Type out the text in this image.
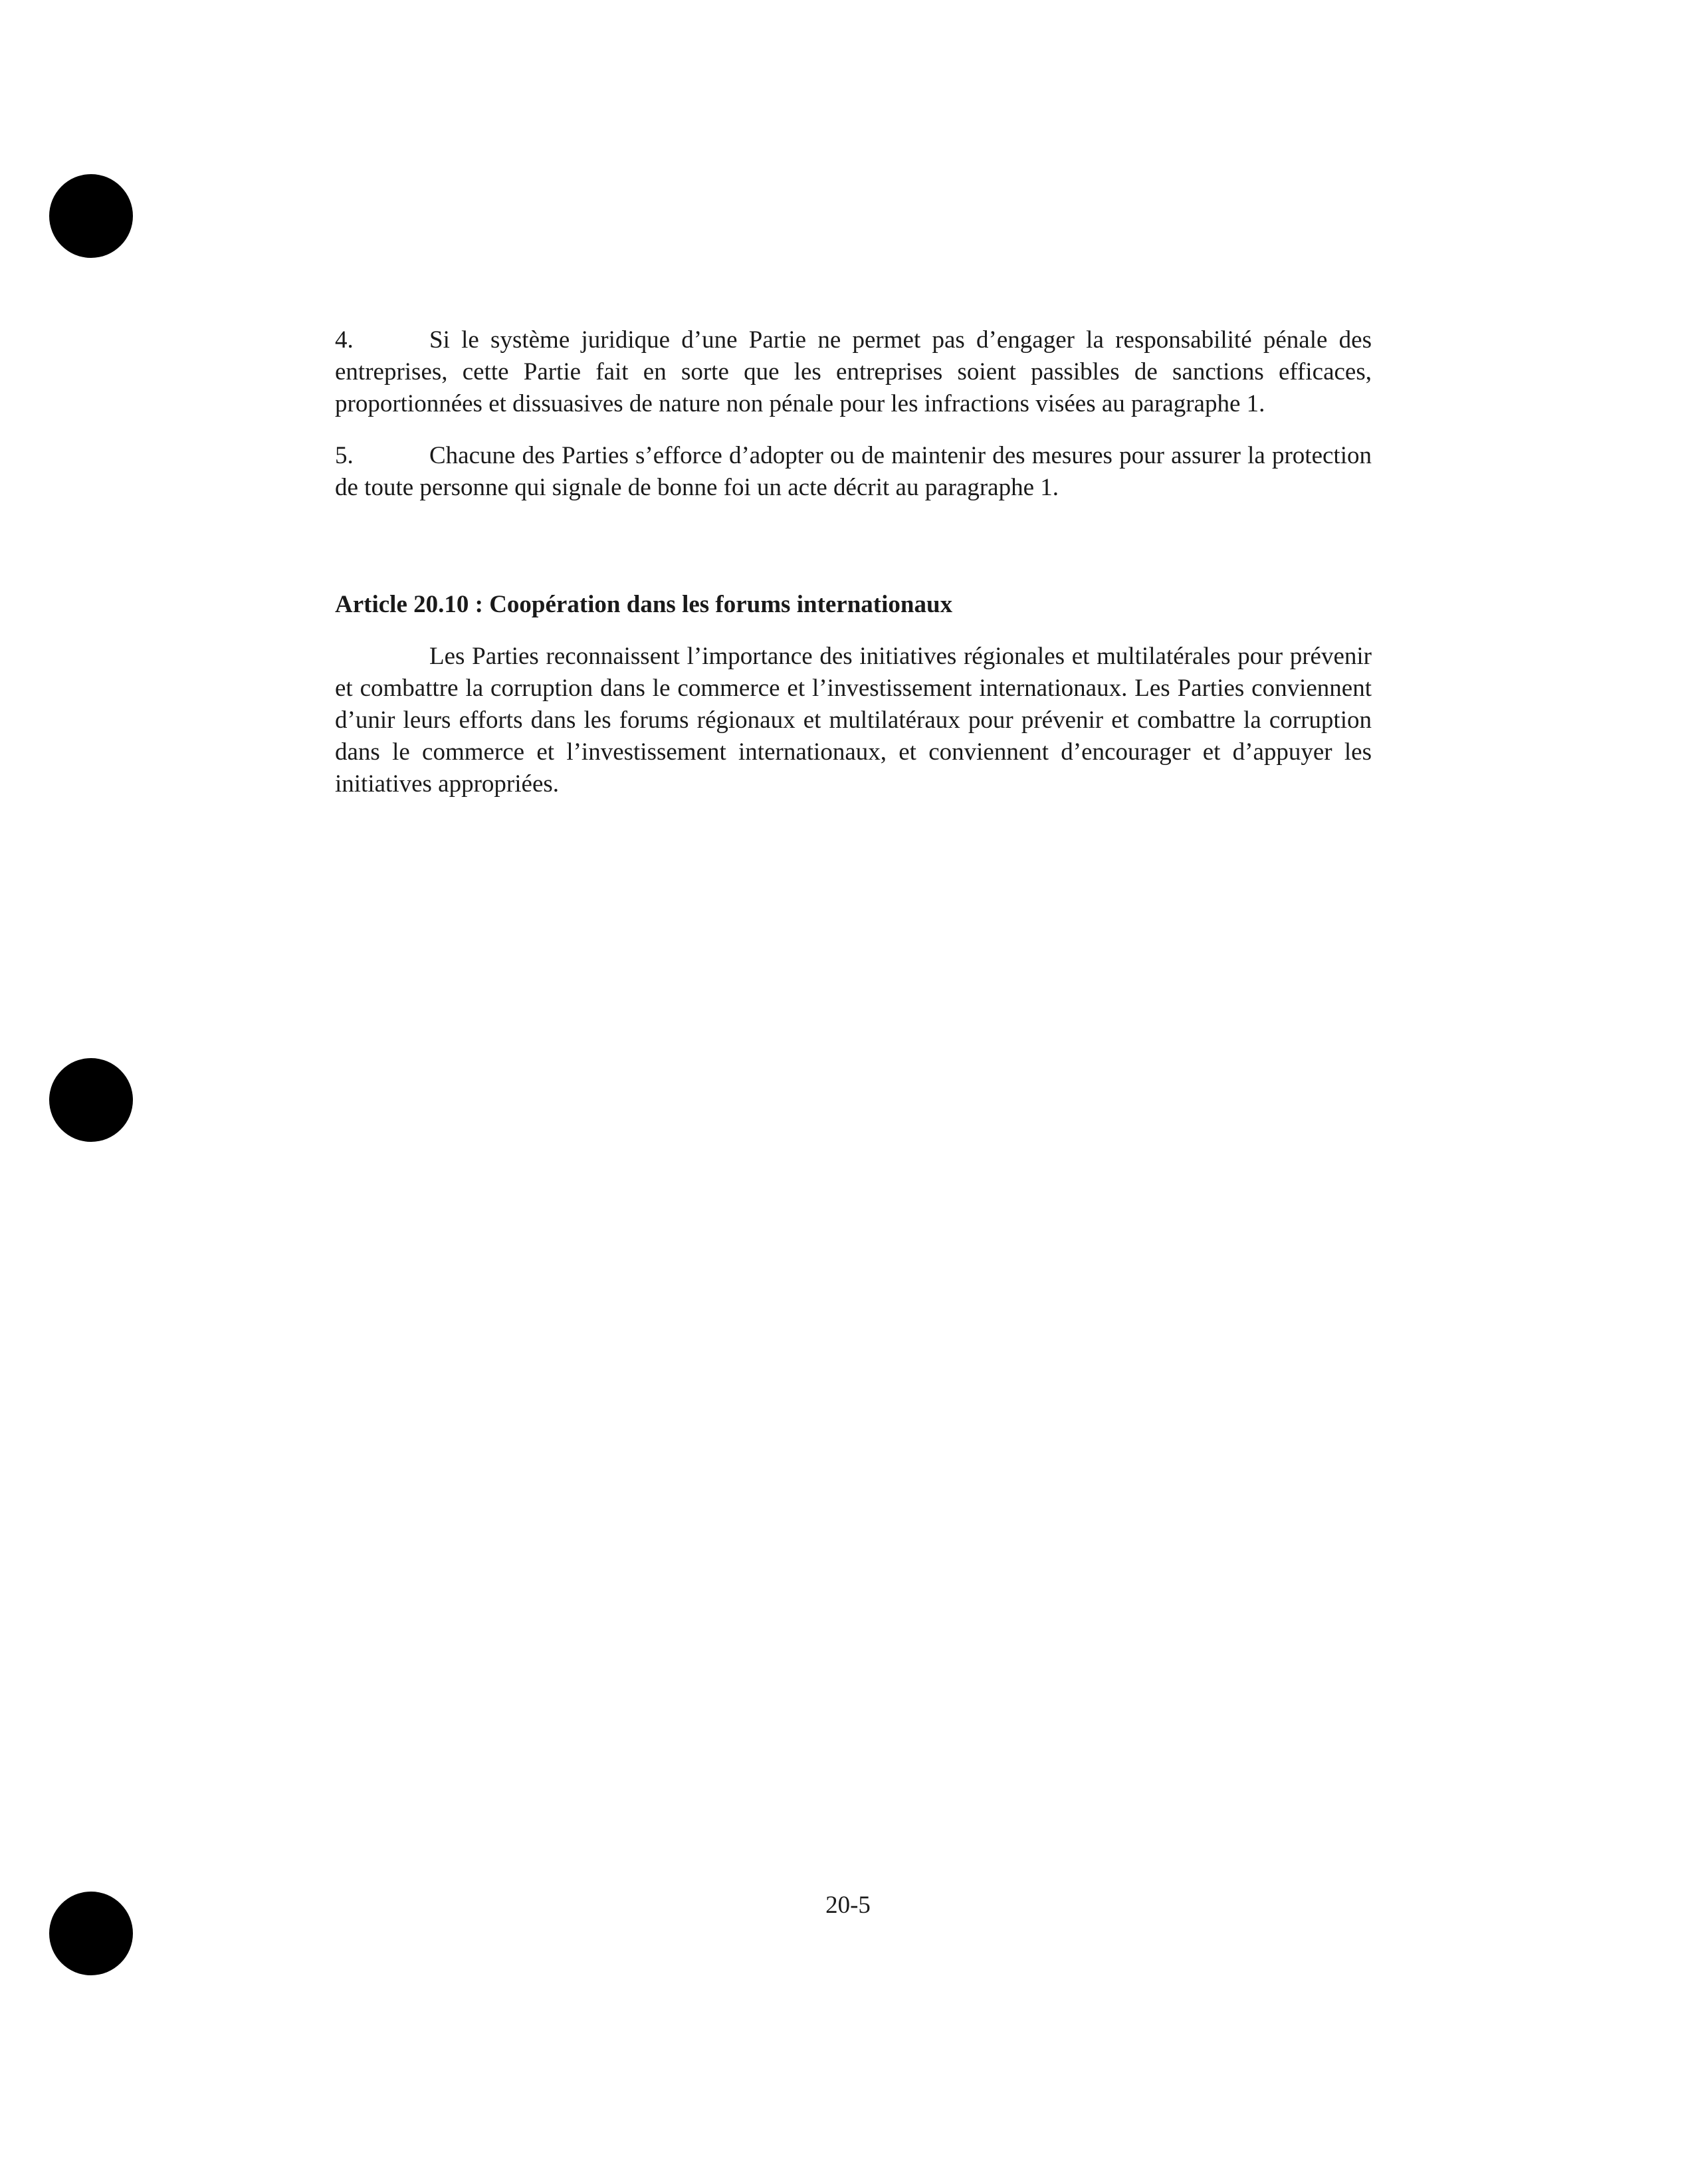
4.	Si le système juridique d’une Partie ne permet pas d’engager la responsabilité pénale des entreprises, cette Partie fait en sorte que les entreprises soient passibles de sanctions efficaces, proportionnées et dissuasives de nature non pénale pour les infractions visées au paragraphe 1.

5.	Chacune des Parties s’efforce d’adopter ou de maintenir des mesures pour assurer la protection de toute personne qui signale de bonne foi un acte décrit au paragraphe 1.

Article 20.10 : Coopération dans les forums internationaux

Les Parties reconnaissent l’importance des initiatives régionales et multilatérales pour prévenir et combattre la corruption dans le commerce et l’investissement internationaux. Les Parties conviennent d’unir leurs efforts dans les forums régionaux et multilatéraux pour prévenir et combattre la corruption dans le commerce et l’investissement internationaux, et conviennent d’encourager et d’appuyer les initiatives appropriées.

20-5
